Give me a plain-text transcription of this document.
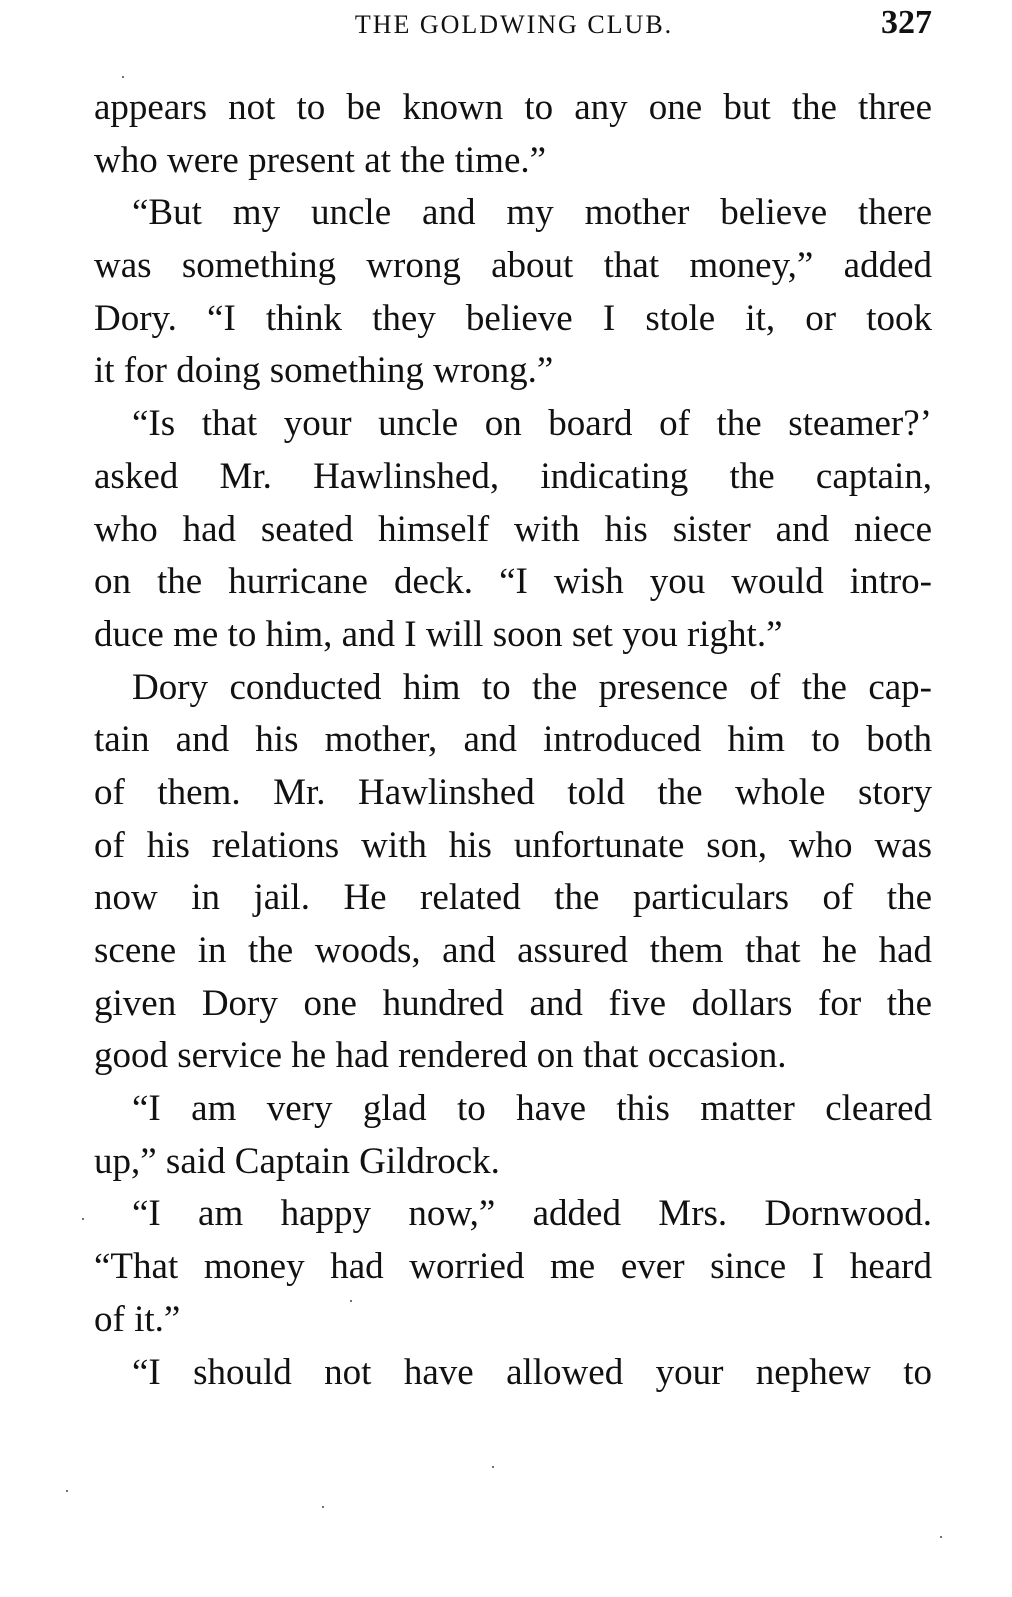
THE GOLDWING CLUB.	327
appears not to be known to any one but the three
who were present at the time.”
“But my uncle and my mother believe there
was something wrong about that money,” added
Dory. “I think they believe I stole it, or took
it for doing something wrong.”
“Is that your uncle on board of the steamer?’
asked Mr. Hawlinshed, indicating the captain,
who had seated himself with his sister and niece
on the hurricane deck. “I wish you would intro-
duce me to him, and I will soon set you right.”
Dory conducted him to the presence of the cap-
tain and his mother, and introduced him to both
of them. Mr. Hawlinshed told the whole story
of his relations with his unfortunate son, who was
now in jail. He related the particulars of the
scene in the woods, and assured them that he had
given Dory one hundred and five dollars for the
good service he had rendered on that occasion.
“I am very glad to have this matter cleared
up,” said Captain Gildrock.
“I am happy now,” added Mrs. Dornwood.
“That money had worried me ever since I heard
of it.”
“I should not have allowed your nephew to
